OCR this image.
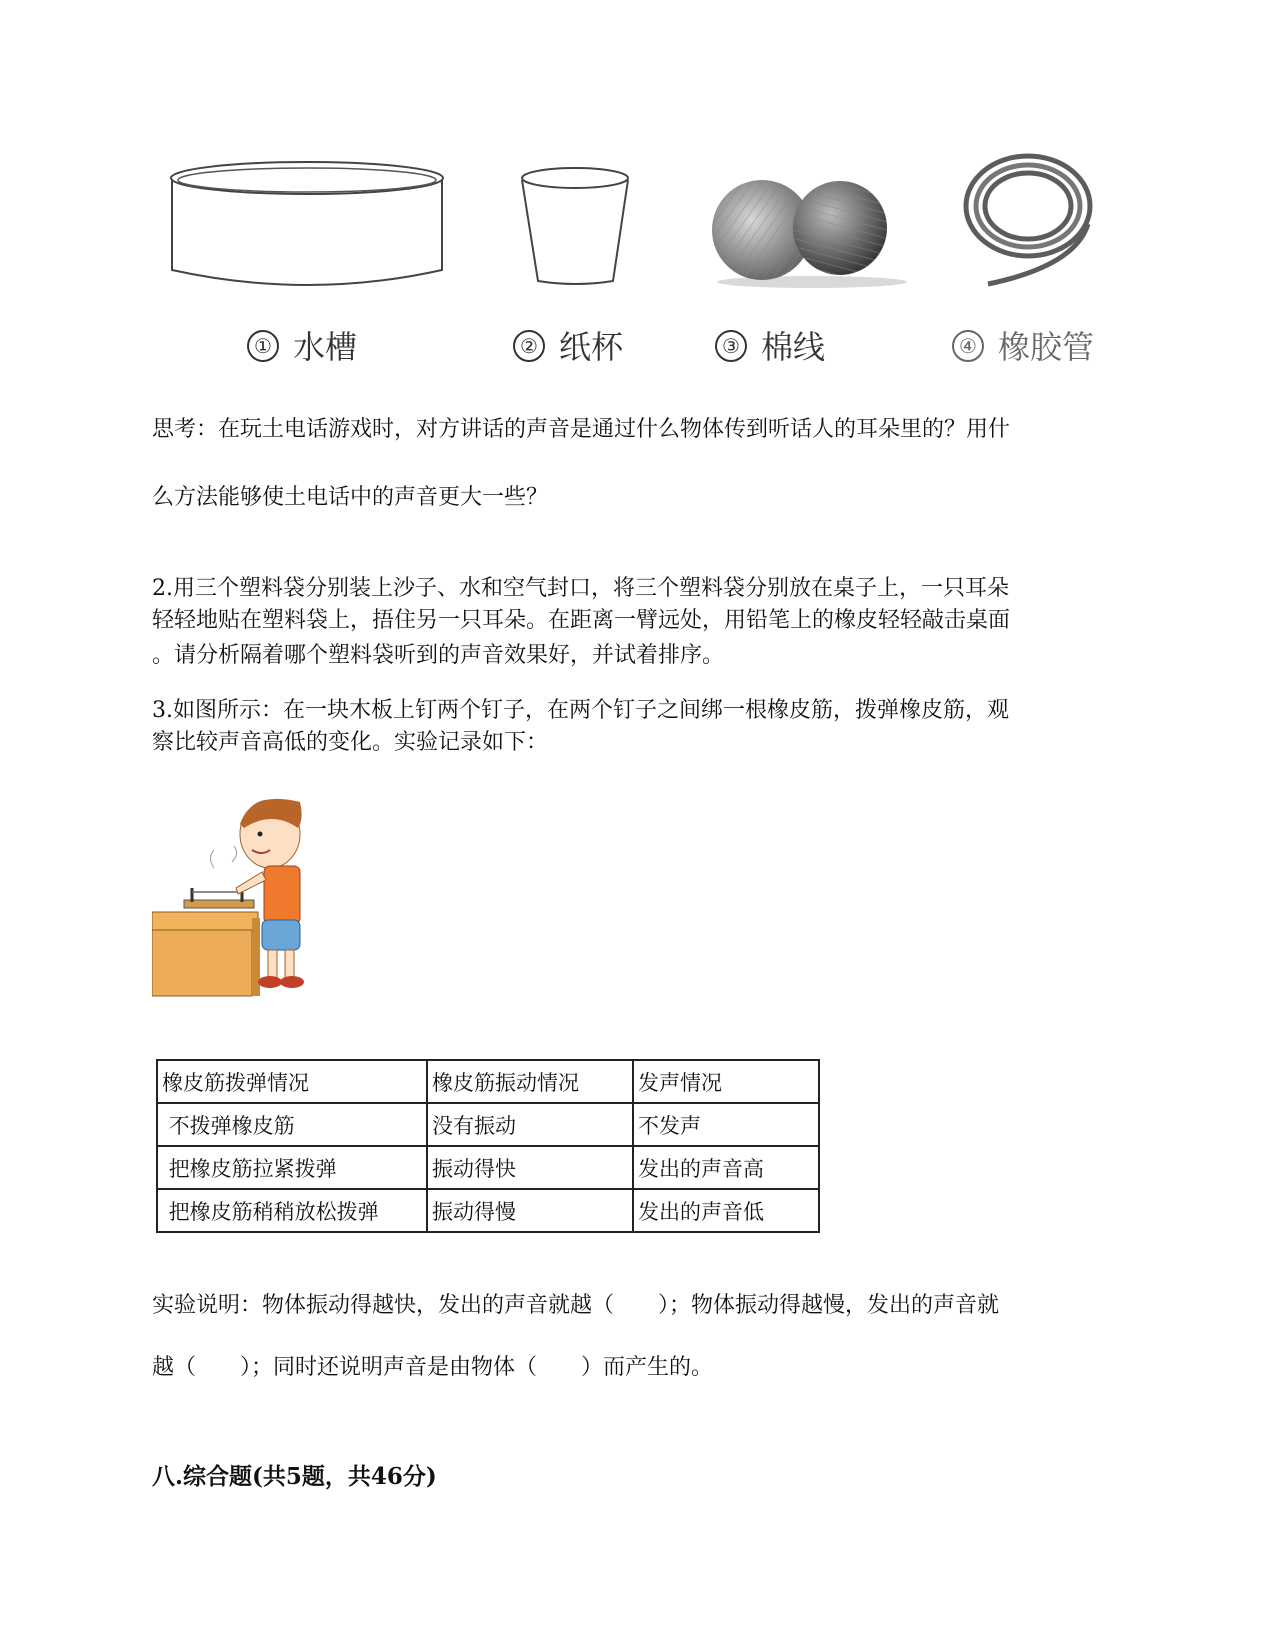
① 水槽	② 纸杯	③ 棉线	④ 橡胶管
思考：在玩土电话游戏时，对方讲话的声音是通过什么物体传到听话人的耳朵里的？用什
么方法能够使土电话中的声音更大一些？
2.用三个塑料袋分别装上沙子、水和空气封口，将三个塑料袋分别放在桌子上，一只耳朵
轻轻地贴在塑料袋上，捂住另一只耳朵。在距离一臂远处，用铅笔上的橡皮轻轻敲击桌面
。请分析隔着哪个塑料袋听到的声音效果好，并试着排序。
3.如图所示：在一块木板上钉两个钉子，在两个钉子之间绑一根橡皮筋，拨弹橡皮筋，观
察比较声音高低的变化。实验记录如下：
橡皮筋拨弹情况	橡皮筋振动情况	发声情况
不拨弹橡皮筋	没有振动	不发声
把橡皮筋拉紧拨弹	振动得快	发出的声音高
把橡皮筋稍稍放松拨弹	振动得慢	发出的声音低
实验说明：物体振动得越快，发出的声音就越（　　）；物体振动得越慢，发出的声音就
越（　　）；同时还说明声音是由物体（　　）而产生的。
八.综合题(共5题，共46分)
